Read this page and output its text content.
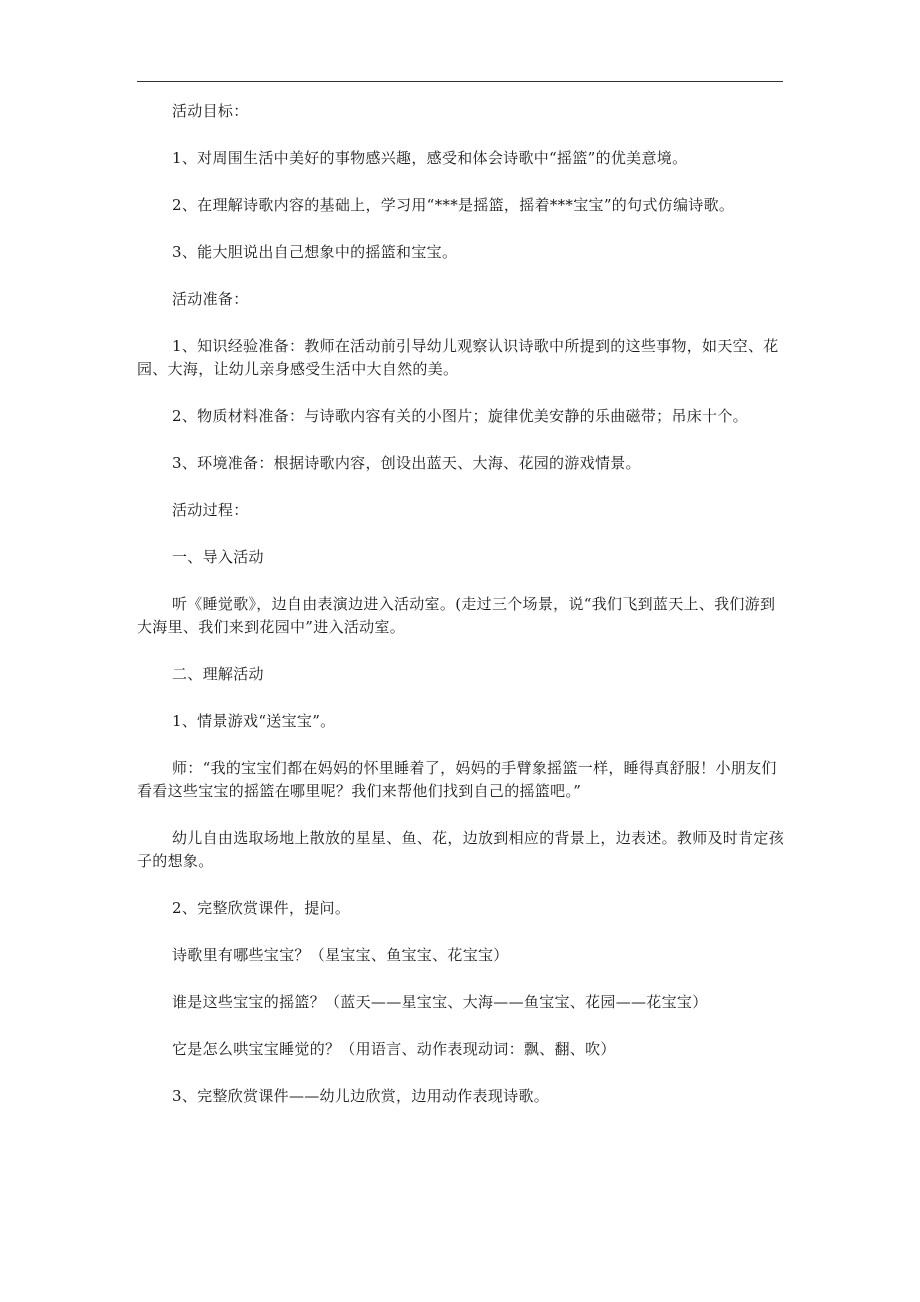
活动目标：

1、对周围生活中美好的事物感兴趣，感受和体会诗歌中“摇篮”的优美意境。

2、在理解诗歌内容的基础上，学习用“***是摇篮，摇着***宝宝”的句式仿编诗歌。

3、能大胆说出自己想象中的摇篮和宝宝。

活动准备：

1、知识经验准备：教师在活动前引导幼儿观察认识诗歌中所提到的这些事物，如天空、花园、大海，让幼儿亲身感受生活中大自然的美。

2、物质材料准备：与诗歌内容有关的小图片；旋律优美安静的乐曲磁带；吊床十个。

3、环境准备：根据诗歌内容，创设出蓝天、大海、花园的游戏情景。

活动过程：

一、导入活动

听《睡觉歌》，边自由表演边进入活动室。(走过三个场景，说“我们飞到蓝天上、我们游到大海里、我们来到花园中”进入活动室。

二、理解活动

1、情景游戏“送宝宝”。

师：“我的宝宝们都在妈妈的怀里睡着了，妈妈的手臂象摇篮一样，睡得真舒服！小朋友们看看这些宝宝的摇篮在哪里呢？我们来帮他们找到自己的摇篮吧。”

幼儿自由选取场地上散放的星星、鱼、花，边放到相应的背景上，边表述。教师及时肯定孩子的想象。

2、完整欣赏课件，提问。

诗歌里有哪些宝宝？（星宝宝、鱼宝宝、花宝宝）

谁是这些宝宝的摇篮？（蓝天——星宝宝、大海——鱼宝宝、花园——花宝宝）

它是怎么哄宝宝睡觉的？（用语言、动作表现动词：飘、翻、吹）

3、完整欣赏课件——幼儿边欣赏，边用动作表现诗歌。
